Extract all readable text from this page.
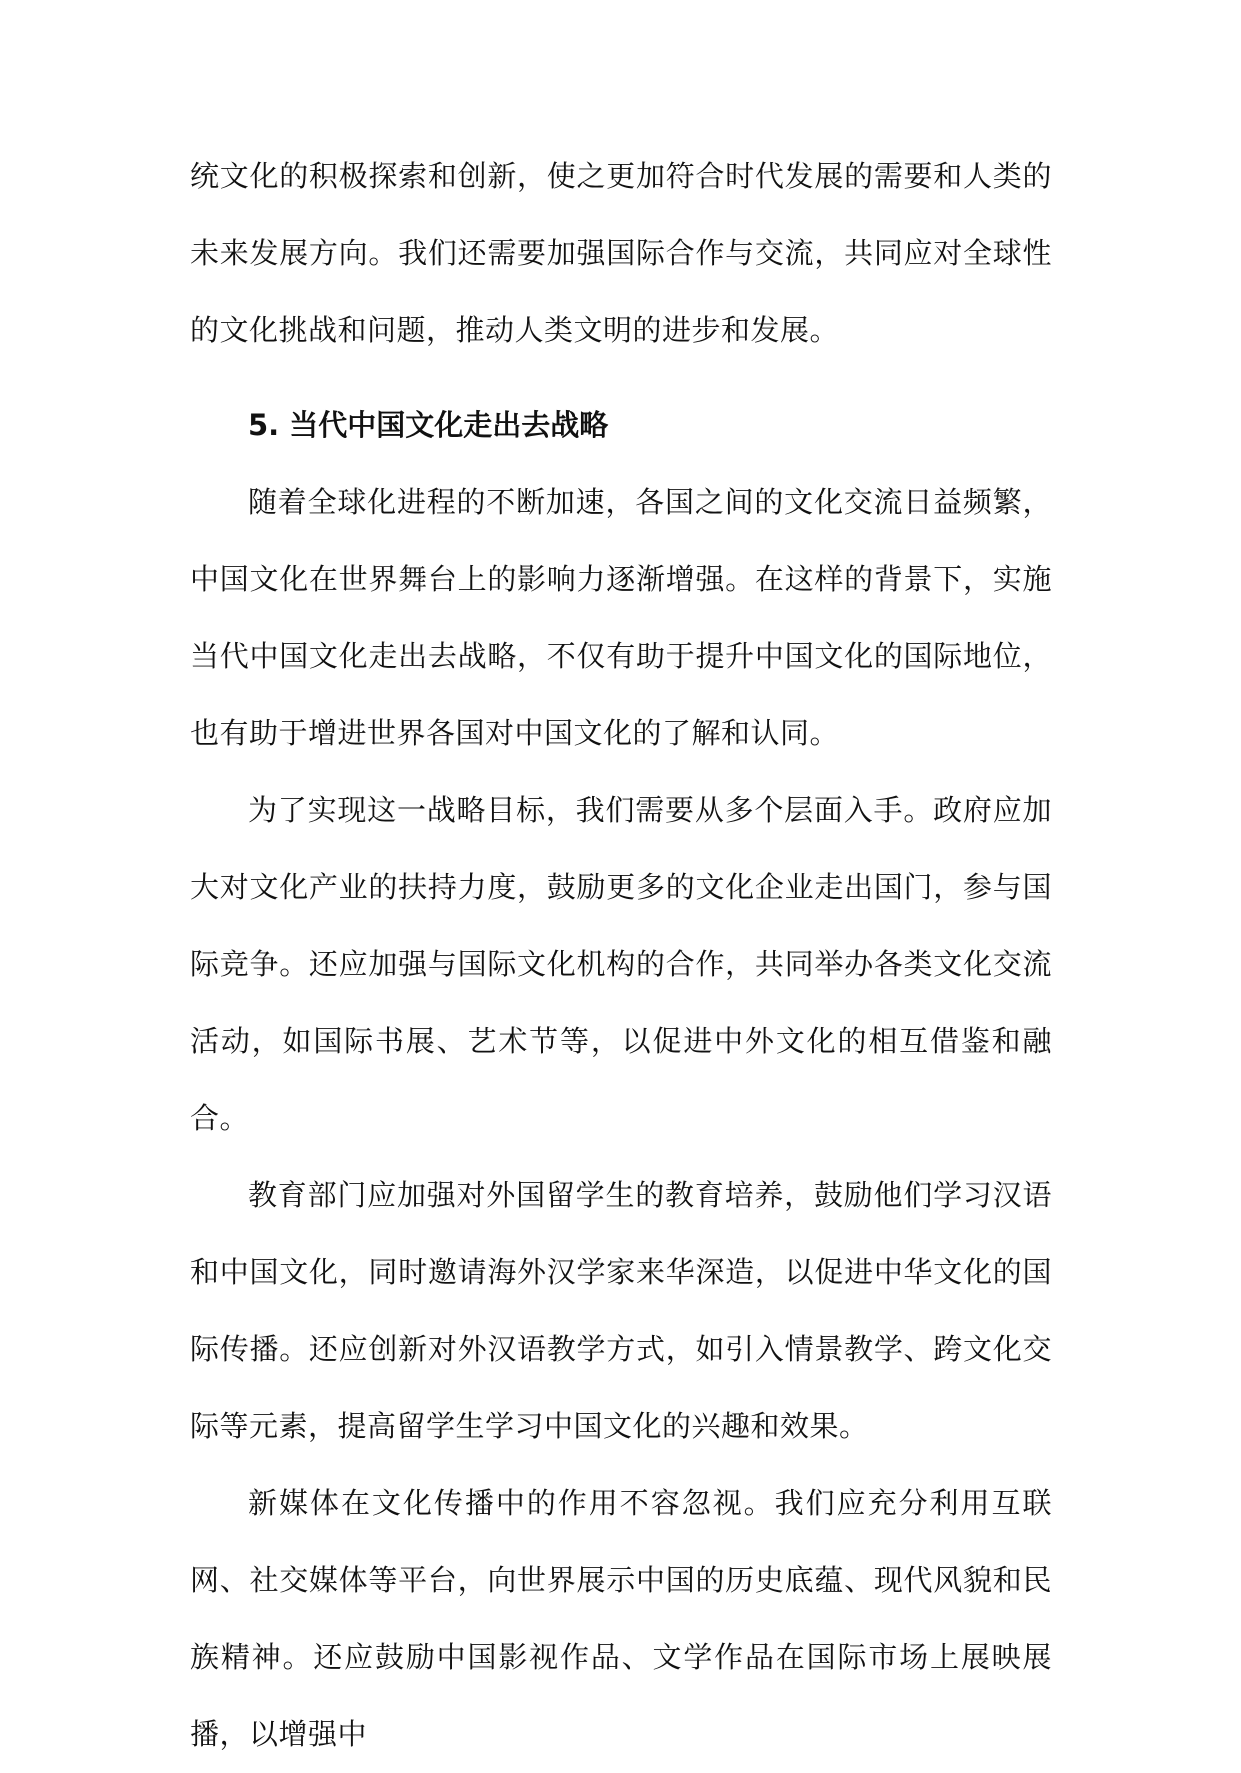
统文化的积极探索和创新，使之更加符合时代发展的需要和人类的未来发展方向。我们还需要加强国际合作与交流，共同应对全球性的文化挑战和问题，推动人类文明的进步和发展。

5. 当代中国文化走出去战略

随着全球化进程的不断加速，各国之间的文化交流日益频繁，中国文化在世界舞台上的影响力逐渐增强。在这样的背景下，实施当代中国文化走出去战略，不仅有助于提升中国文化的国际地位，也有助于增进世界各国对中国文化的了解和认同。

为了实现这一战略目标，我们需要从多个层面入手。政府应加大对文化产业的扶持力度，鼓励更多的文化企业走出国门，参与国际竞争。还应加强与国际文化机构的合作，共同举办各类文化交流活动，如国际书展、艺术节等，以促进中外文化的相互借鉴和融合。

教育部门应加强对外国留学生的教育培养，鼓励他们学习汉语和中国文化，同时邀请海外汉学家来华深造，以促进中华文化的国际传播。还应创新对外汉语教学方式，如引入情景教学、跨文化交际等元素，提高留学生学习中国文化的兴趣和效果。

新媒体在文化传播中的作用不容忽视。我们应充分利用互联网、社交媒体等平台，向世界展示中国的历史底蕴、现代风貌和民族精神。还应鼓励中国影视作品、文学作品在国际市场上展映展播，以增强中
